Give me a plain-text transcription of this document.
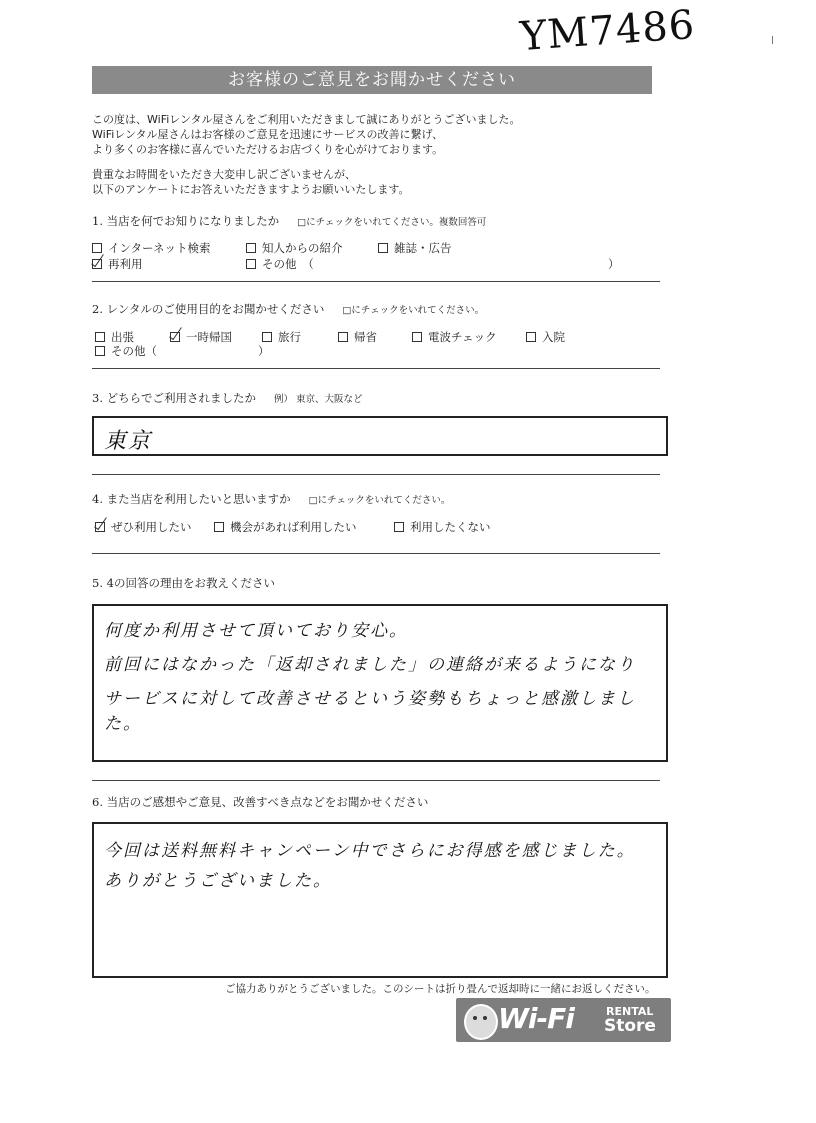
YM7486
お客様のご意見をお聞かせください
この度は、WiFiレンタル屋さんをご利用いただきまして誠にありがとうございました。
WiFiレンタル屋さんはお客様のご意見を迅速にサービスの改善に繋げ、
より多くのお客様に喜んでいただけるお店づくりを心がけております。
貴重なお時間をいただき大変申し訳ございませんが、
以下のアンケートにお答えいただきますようお願いいたします。
1. 当店を何でお知りになりましたか □にチェックをいれてください。複数回答可
インターネット検索	知人からの紹介	雑誌・広告
再利用	その他　（	）
2. レンタルのご使用目的をお聞かせください □にチェックをいれてください。
出張	一時帰国	旅行	帰省	電波チェック	入院
その他（	）
3. どちらでご利用されましたか 例） 東京、大阪など
東京
4. また当店を利用したいと思いますか □にチェックをいれてください。
ぜひ利用したい	機会があれば利用したい	利用したくない
5. 4の回答の理由をお教えください
何度か利用させて頂いており安心。
前回にはなかった「返却されました」の連絡が来るようになり
サービスに対して改善させるという姿勢もちょっと感激しました。
6. 当店のご感想やご意見、改善すべき点などをお聞かせください
今回は送料無料キャンペーン中でさらにお得感を感じました。
ありがとうございました。
ご協力ありがとうございました。このシートは折り畳んで返却時に一緒にお返しください。
Wi-Fi	RENTAL
Store
